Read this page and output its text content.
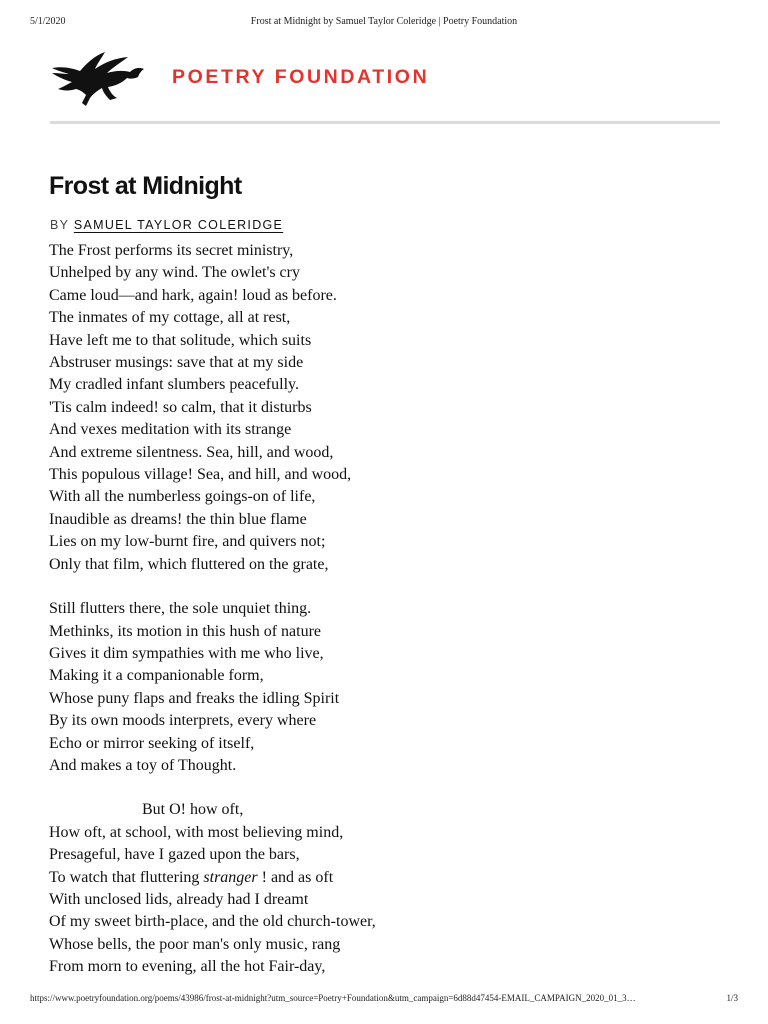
5/1/2020	Frost at Midnight by Samuel Taylor Coleridge | Poetry Foundation
POETRY FOUNDATION
Frost at Midnight
BY SAMUEL TAYLOR COLERIDGE
The Frost performs its secret ministry,
Unhelped by any wind. The owlet's cry
Came loud—and hark, again! loud as before.
The inmates of my cottage, all at rest,
Have left me to that solitude, which suits
Abstruser musings: save that at my side
My cradled infant slumbers peacefully.
'Tis calm indeed! so calm, that it disturbs
And vexes meditation with its strange
And extreme silentness. Sea, hill, and wood,
This populous village! Sea, and hill, and wood,
With all the numberless goings-on of life,
Inaudible as dreams! the thin blue flame
Lies on my low-burnt fire, and quivers not;
Only that film, which fluttered on the grate,
Still flutters there, the sole unquiet thing.
Methinks, its motion in this hush of nature
Gives it dim sympathies with me who live,
Making it a companionable form,
Whose puny flaps and freaks the idling Spirit
By its own moods interprets, every where
Echo or mirror seeking of itself,
And makes a toy of Thought.
But O! how oft,
How oft, at school, with most believing mind,
Presageful, have I gazed upon the bars,
To watch that fluttering stranger ! and as oft
With unclosed lids, already had I dreamt
Of my sweet birth-place, and the old church-tower,
Whose bells, the poor man's only music, rang
From morn to evening, all the hot Fair-day,
https://www.poetryfoundation.org/poems/43986/frost-at-midnight?utm_source=Poetry+Foundation&utm_campaign=6d88d47454-EMAIL_CAMPAIGN_2020_01_3…	1/3
